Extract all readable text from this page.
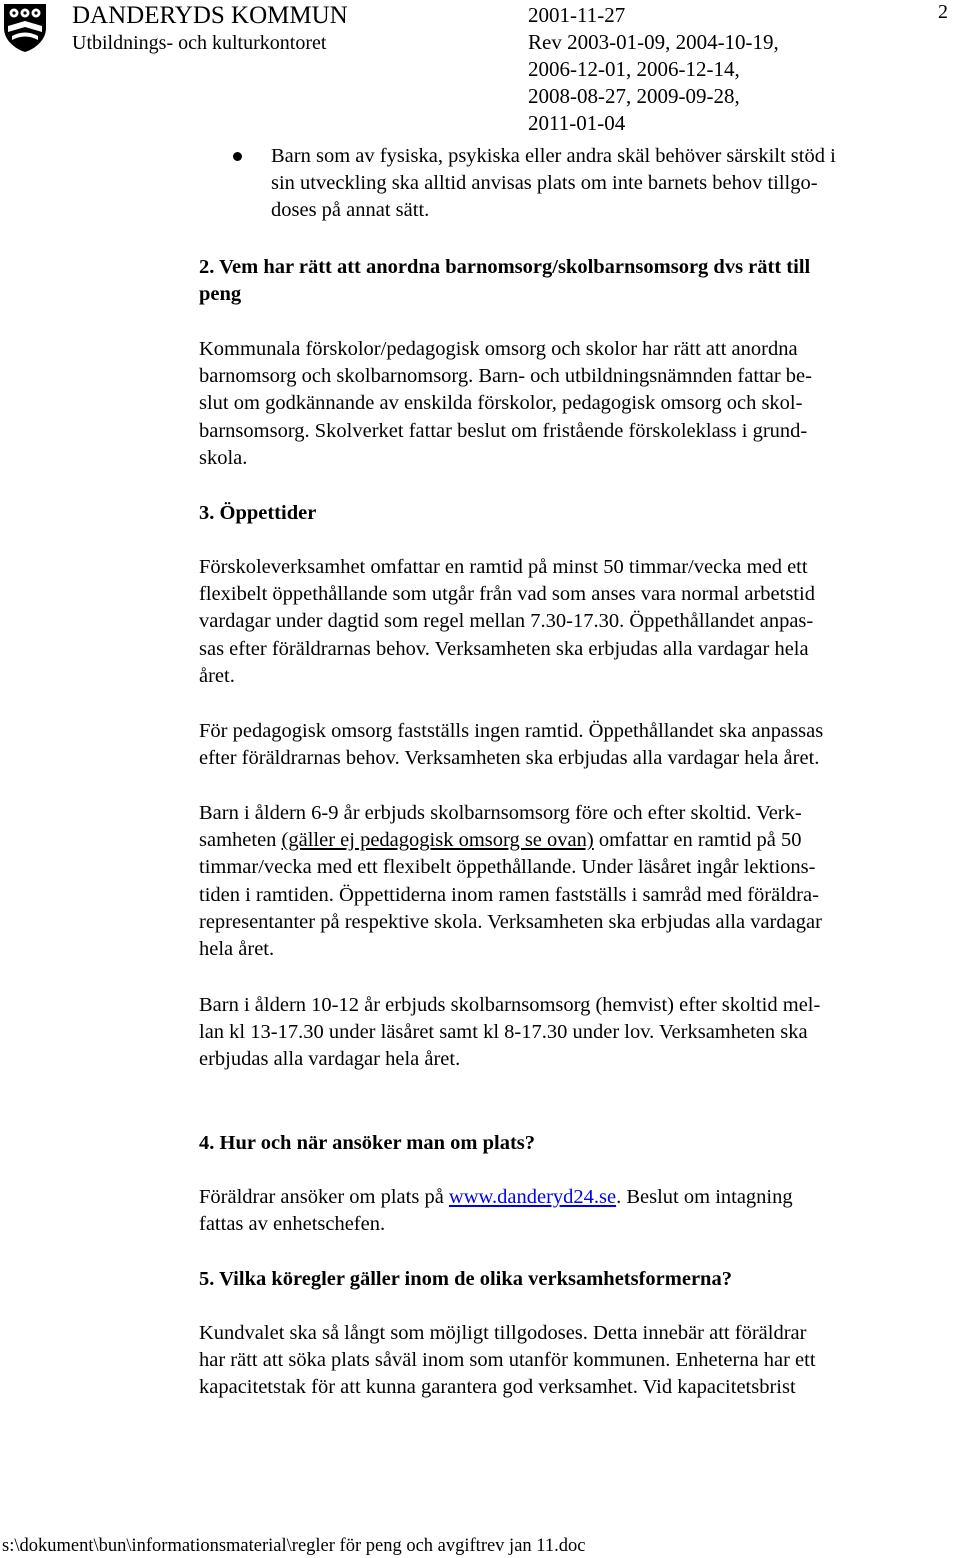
DANDERYDS KOMMUN
Utbildnings- och kulturkontoret
2001-11-27
Rev 2003-01-09, 2004-10-19,
2006-12-01, 2006-12-14,
2008-08-27, 2009-09-28,
2011-01-04
2
Barn som av fysiska, psykiska eller andra skäl behöver särskilt stöd i
sin utveckling ska alltid anvisas plats om inte barnets behov tillgo-
doses på annat sätt.
2. Vem har rätt att anordna barnomsorg/skolbarnsomsorg dvs rätt till
peng
Kommunala förskolor/pedagogisk omsorg och skolor har rätt att anordna
barnomsorg och skolbarnomsorg. Barn- och utbildningsnämnden fattar be-
slut om godkännande av enskilda förskolor, pedagogisk omsorg och skol-
barnsomsorg. Skolverket fattar beslut om fristående förskoleklass i grund-
skola.
3. Öppettider
Förskoleverksamhet omfattar en ramtid på minst 50 timmar/vecka med ett
flexibelt öppethållande som utgår från vad som anses vara normal arbetstid
vardagar under dagtid som regel mellan 7.30-17.30. Öppethållandet anpas-
sas efter föräldrarnas behov. Verksamheten ska erbjudas alla vardagar hela
året.
För pedagogisk omsorg fastställs ingen ramtid. Öppethållandet ska anpassas
efter föräldrarnas behov. Verksamheten ska erbjudas alla vardagar hela året.
Barn i åldern 6-9 år erbjuds skolbarnsomsorg före och efter skoltid. Verk-
samheten (gäller ej pedagogisk omsorg se ovan) omfattar en ramtid på 50
timmar/vecka med ett flexibelt öppethållande. Under läsåret ingår lektions-
tiden i ramtiden. Öppettiderna inom ramen fastställs i samråd med föräldra-
representanter på respektive skola. Verksamheten ska erbjudas alla vardagar
hela året.
Barn i åldern 10-12 år erbjuds skolbarnsomsorg (hemvist) efter skoltid mel-
lan kl 13-17.30 under läsåret samt kl 8-17.30 under lov. Verksamheten ska
erbjudas alla vardagar hela året.
4. Hur och när ansöker man om plats?
Föräldrar ansöker om plats på www.danderyd24.se. Beslut om intagning
fattas av enhetschefen.
5. Vilka köregler gäller inom de olika verksamhetsformerna?
Kundvalet ska så långt som möjligt tillgodoses. Detta innebär att föräldrar
har rätt att söka plats såväl inom som utanför kommunen. Enheterna har ett
kapacitetstak för att kunna garantera god verksamhet. Vid kapacitetsbrist
s:\dokument\bun\informationsmaterial\regler för peng och avgiftrev jan 11.doc
